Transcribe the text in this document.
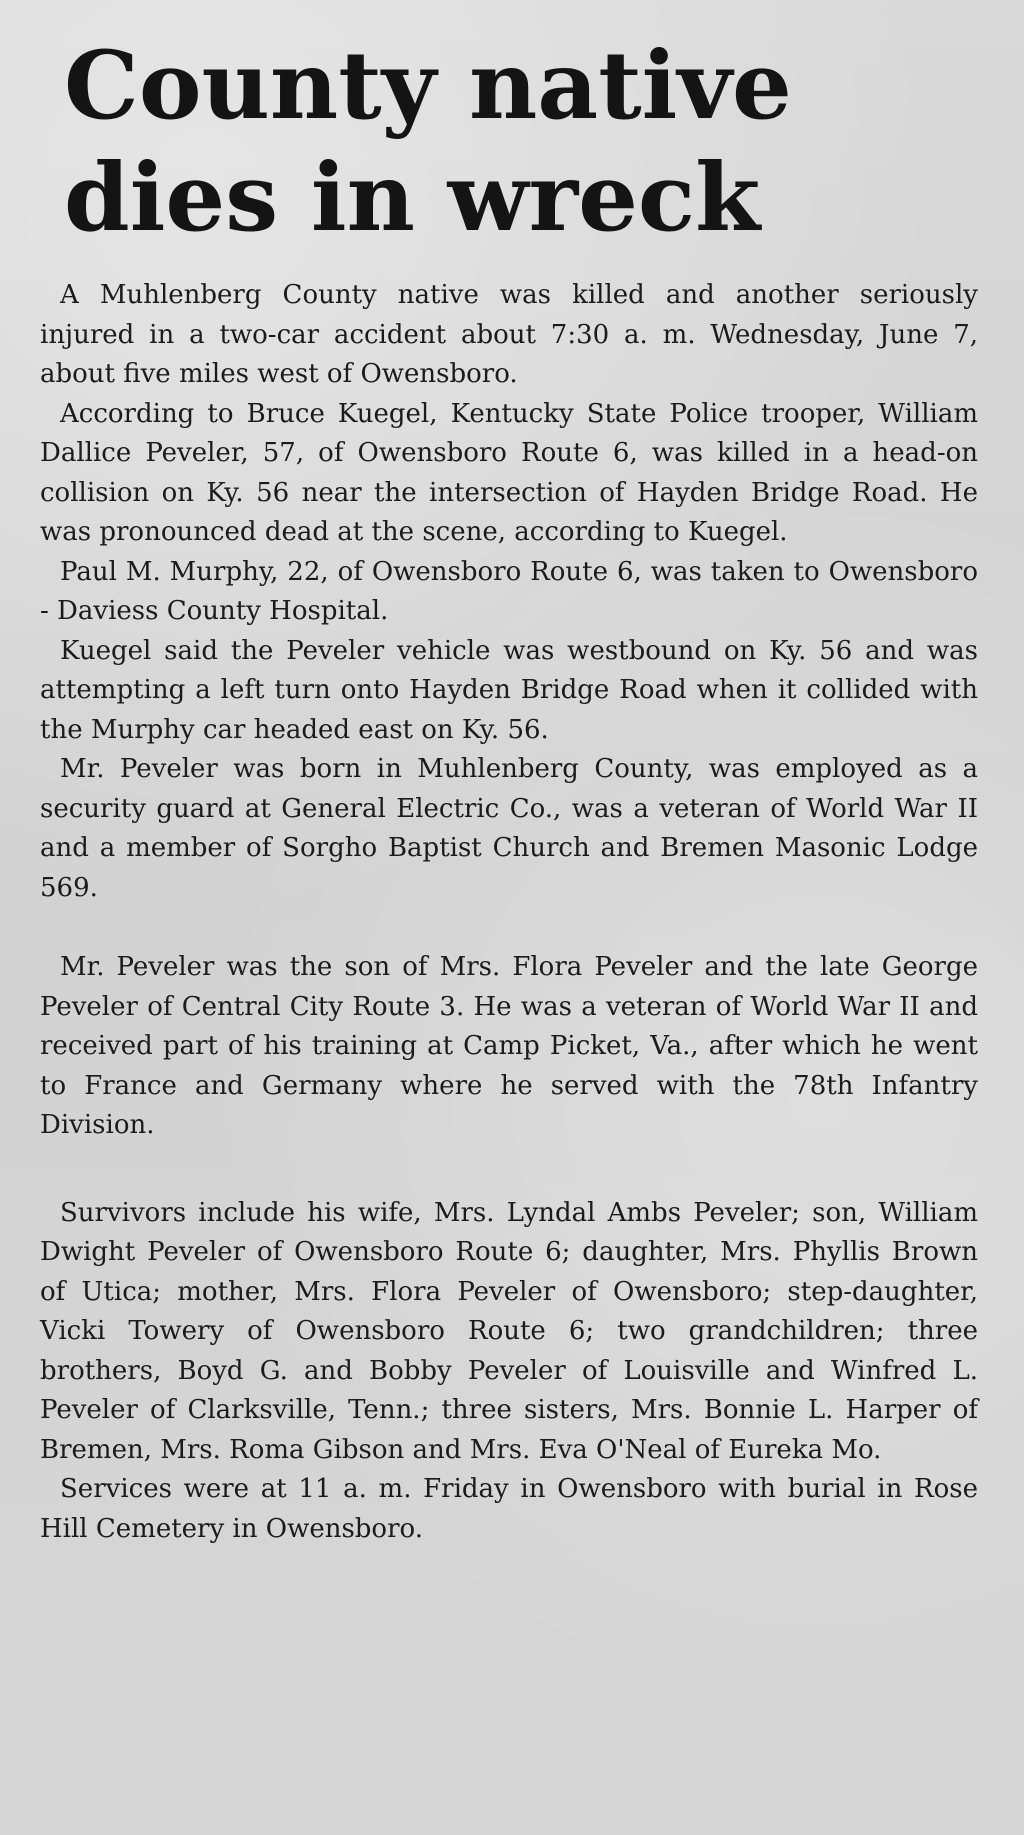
County native
dies in wreck

A Muhlenberg County native was killed and another seriously injured in a two-car accident about 7:30 a. m. Wednesday, June 7, about five miles west of Owensboro.

According to Bruce Kuegel, Kentucky State Police trooper, William Dallice Peveler, 57, of Owensboro Route 6, was killed in a head-on collision on Ky. 56 near the intersection of Hayden Bridge Road. He was pronounced dead at the scene, according to Kuegel.

Paul M. Murphy, 22, of Owensboro Route 6, was taken to Owensboro - Daviess County Hospital.

Kuegel said the Peveler vehicle was westbound on Ky. 56 and was attempting a left turn onto Hayden Bridge Road when it collided with the Murphy car headed east on Ky. 56.

Mr. Peveler was born in Muhlenberg County, was employed as a security guard at General Electric Co., was a veteran of World War II and a member of Sorgho Baptist Church and Bremen Masonic Lodge 569.

Mr. Peveler was the son of Mrs. Flora Peveler and the late George Peveler of Central City Route 3. He was a veteran of World War II and received part of his training at Camp Picket, Va., after which he went to France and Germany where he served with the 78th Infantry Division.

Survivors include his wife, Mrs. Lyndal Ambs Peveler; son, William Dwight Peveler of Owensboro Route 6; daughter, Mrs. Phyllis Brown of Utica; mother, Mrs. Flora Peveler of Owensboro; step-daughter, Vicki Towery of Owensboro Route 6; two grandchildren; three brothers, Boyd G. and Bobby Peveler of Louisville and Winfred L. Peveler of Clarksville, Tenn.; three sisters, Mrs. Bonnie L. Harper of Bremen, Mrs. Roma Gibson and Mrs. Eva O'Neal of Eureka Mo.

Services were at 11 a. m. Friday in Owensboro with burial in Rose Hill Cemetery in Owensboro.
